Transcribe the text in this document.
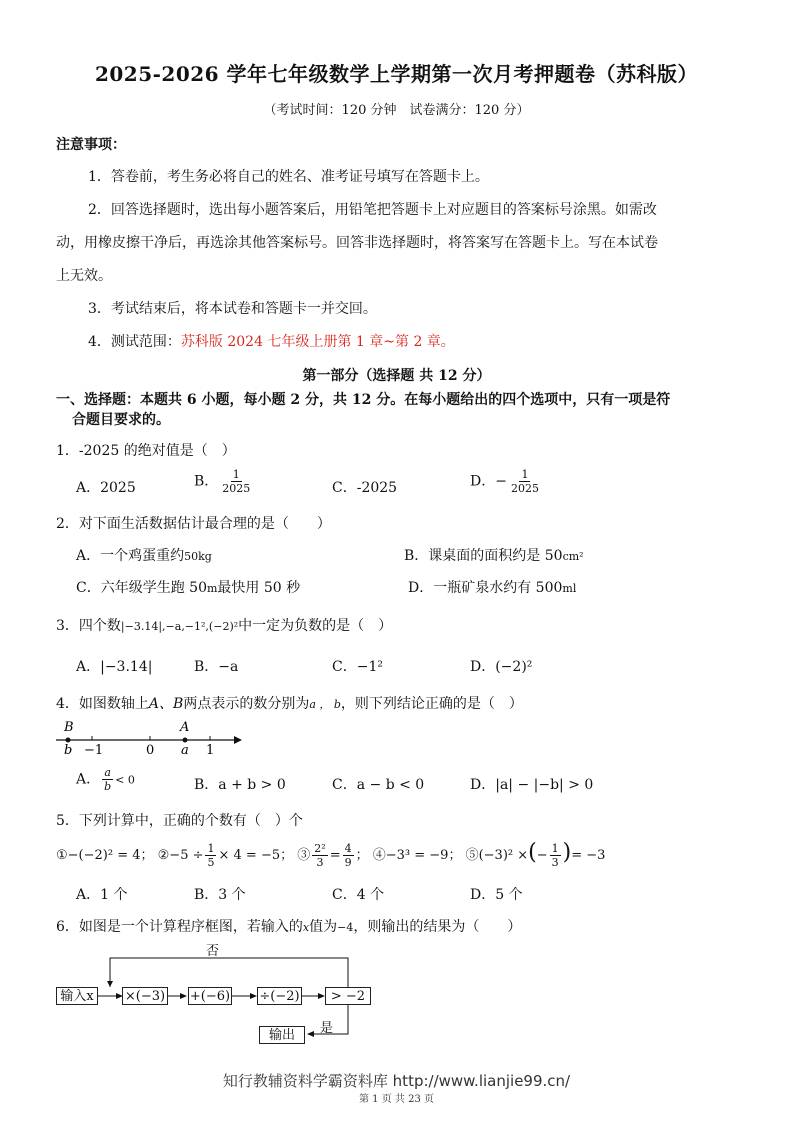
2025-2026 学年七年级数学上学期第一次月考押题卷（苏科版）
（考试时间：120 分钟　试卷满分：120 分）
注意事项：
1．答卷前，考生务必将自己的姓名、准考证号填写在答题卡上。
2．回答选择题时，选出每小题答案后，用铅笔把答题卡上对应题目的答案标号涂黑。如需改
动，用橡皮擦干净后，再选涂其他答案标号。回答非选择题时，将答案写在答题卡上。写在本试卷
上无效。
3．考试结束后，将本试卷和答题卡一并交回。
4．测试范围：苏科版 2024 七年级上册第 1 章~第 2 章。
第一部分（选择题 共 12 分）
一、选择题：本题共 6 小题，每小题 2 分，共 12 分。在每小题给出的四个选项中，只有一项是符
合题目要求的。
1．-2025 的绝对值是（　）
A．2025	B． $\frac{1}{2025}$	C．-2025	D．− $\frac{1}{2025}$
2．对下面生活数据估计最合理的是（　　）
A．一个鸡蛋重约50kg	B．课桌面的面积约是 50cm²
C．六年级学生跑 50m最快用 50 秒	D．一瓶矿泉水约有 500ml
3．四个数|−3.14|,−a,−1²,(−2)²中一定为负数的是（　）
A．|−3.14|	B．−a	C．−1²	D．(−2)²
4．如图数轴上A、B两点表示的数分别为a ， b，则下列结论正确的是（　）
B	A
b −1	0 a 1
A． $\frac{a}{b} < 0$	B．a + b > 0	C．a − b < 0	D．|a| − |−b| > 0
5．下列计算中，正确的个数有（　）个
①−(−2)² = 4； ②−5 ÷ $\frac{1}{5} \times 4 = -5$； ③ $\frac{\text{2²}}{3} = \frac{4}{9}$ ； ④−3³ = −9； ⑤(−3)² ×(− $\frac{1}{3}$ )= −3
A．1 个	B．3 个	C．4 个	D．5 个
6．如图是一个计算程序框图，若输入的x值为−4，则输出的结果为（　　）
否
输入x	×(−3) +(−6) ÷(−2)	> −2
是
输出
知行教辅资料学霸资料库 http://www.lianjie99.cn/
第 1 页 共 23 页
